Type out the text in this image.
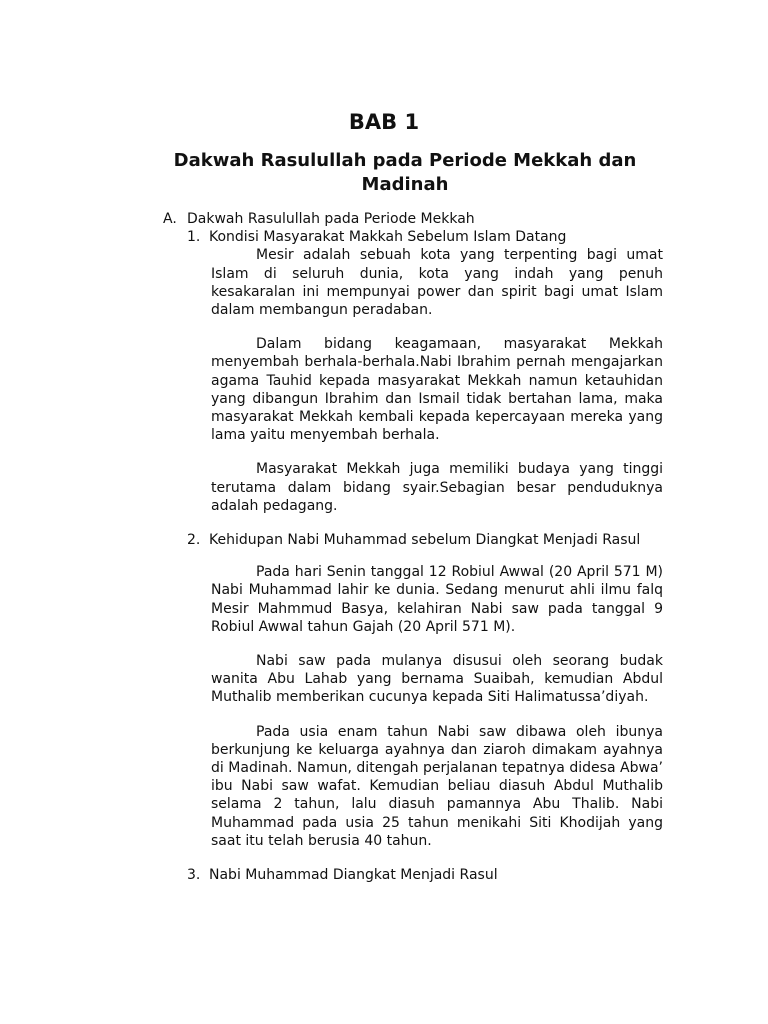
BAB 1
Dakwah Rasulullah pada Periode Mekkah dan Madinah
A. Dakwah Rasulullah pada Periode Mekkah
1. Kondisi Masyarakat Makkah Sebelum Islam Datang

Mesir adalah sebuah kota yang terpenting bagi umat Islam di seluruh dunia, kota yang indah yang penuh kesakaralan ini mempunyai power dan spirit bagi umat Islam dalam membangun peradaban.

Dalam bidang keagamaan, masyarakat Mekkah menyembah berhala-berhala.Nabi Ibrahim pernah mengajarkan agama Tauhid kepada masyarakat Mekkah namun ketauhidan yang dibangun Ibrahim dan Ismail tidak bertahan lama, maka masyarakat Mekkah kembali kepada kepercayaan mereka yang lama yaitu menyembah berhala.

Masyarakat Mekkah juga memiliki budaya yang tinggi terutama dalam bidang syair.Sebagian besar penduduknya adalah pedagang.

2. Kehidupan Nabi Muhammad sebelum Diangkat Menjadi Rasul

Pada hari Senin tanggal 12 Robiul Awwal (20 April 571 M) Nabi Muhammad lahir ke dunia. Sedang menurut ahli ilmu falq Mesir Mahmmud Basya, kelahiran Nabi saw pada tanggal 9 Robiul Awwal tahun Gajah (20 April 571 M).

Nabi saw pada mulanya disusui oleh seorang budak wanita Abu Lahab yang bernama Suaibah, kemudian Abdul Muthalib memberikan cucunya kepada Siti Halimatussa’diyah.

Pada usia enam tahun Nabi saw dibawa oleh ibunya berkunjung ke keluarga ayahnya dan ziaroh dimakam ayahnya di Madinah. Namun, ditengah perjalanan tepatnya didesa Abwa’ ibu Nabi saw wafat. Kemudian beliau diasuh Abdul Muthalib selama 2 tahun, lalu diasuh pamannya Abu Thalib. Nabi Muhammad pada usia 25 tahun menikahi Siti Khodijah yang saat itu telah berusia 40 tahun.

3. Nabi Muhammad Diangkat Menjadi Rasul
